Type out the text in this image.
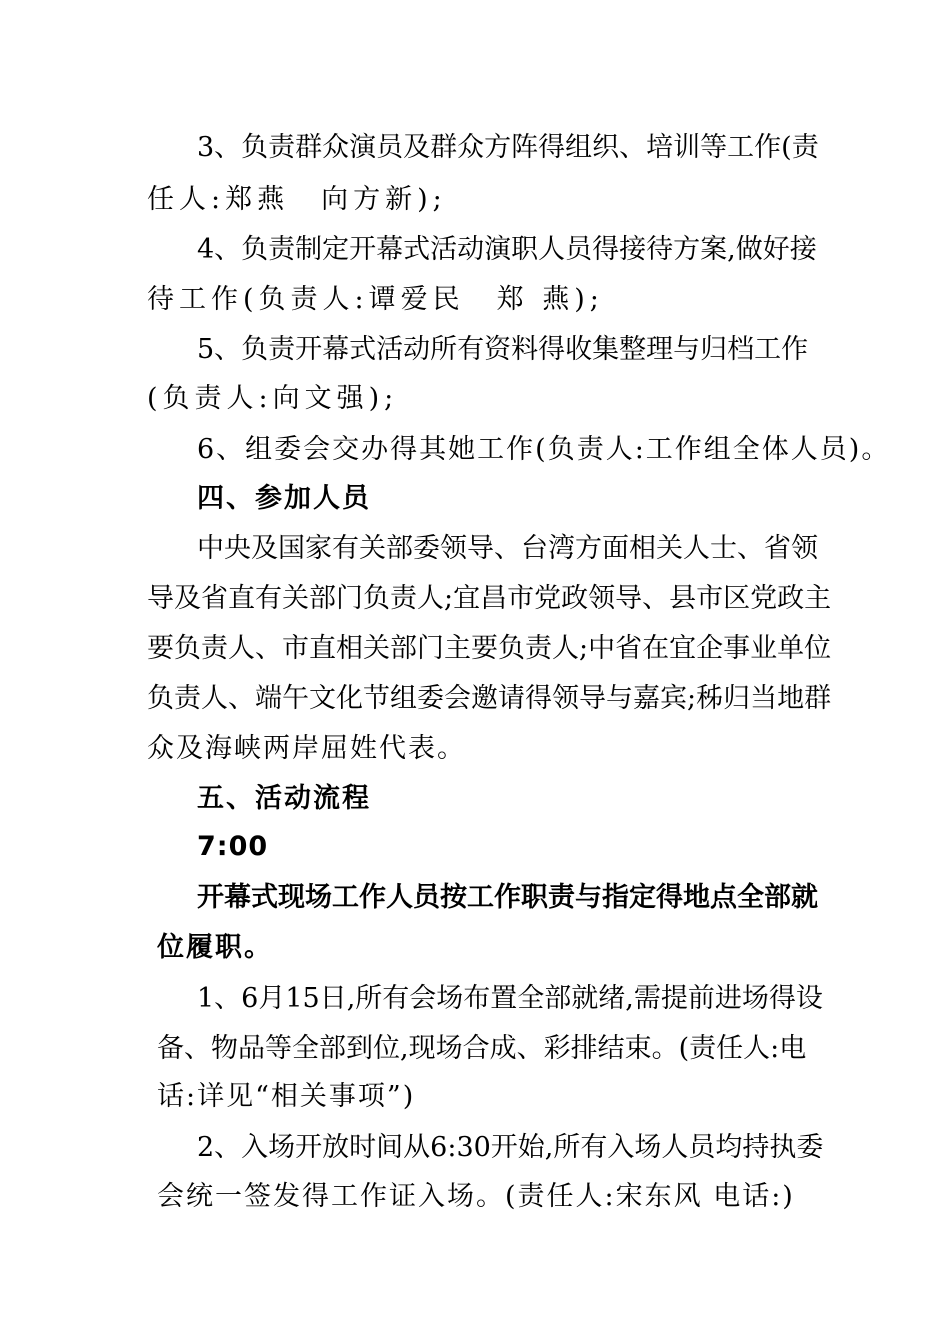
3、负责群众演员及群众方阵得组织、培训等工作(责
任人:郑燕　向方新);
4、负责制定开幕式活动演职人员得接待方案,做好接
待工作(负责人:谭爱民　郑 燕);
5、负责开幕式活动所有资料得收集整理与归档工作
(负责人:向文强);
6、组委会交办得其她工作(负责人:工作组全体人员)。
四、参加人员
中央及国家有关部委领导、台湾方面相关人士、省领
导及省直有关部门负责人;宜昌市党政领导、县市区党政主
要负责人、市直相关部门主要负责人;中省在宜企事业单位
负责人、端午文化节组委会邀请得领导与嘉宾;秭归当地群
众及海峡两岸屈姓代表。
五、活动流程
7:00
开幕式现场工作人员按工作职责与指定得地点全部就
位履职。
1、6月15日,所有会场布置全部就绪,需提前进场得设
备、物品等全部到位,现场合成、彩排结束。(责任人:电
话:详见“相关事项”)
2、入场开放时间从6:30开始,所有入场人员均持执委
会统一签发得工作证入场。(责任人:宋东风 电话:)
